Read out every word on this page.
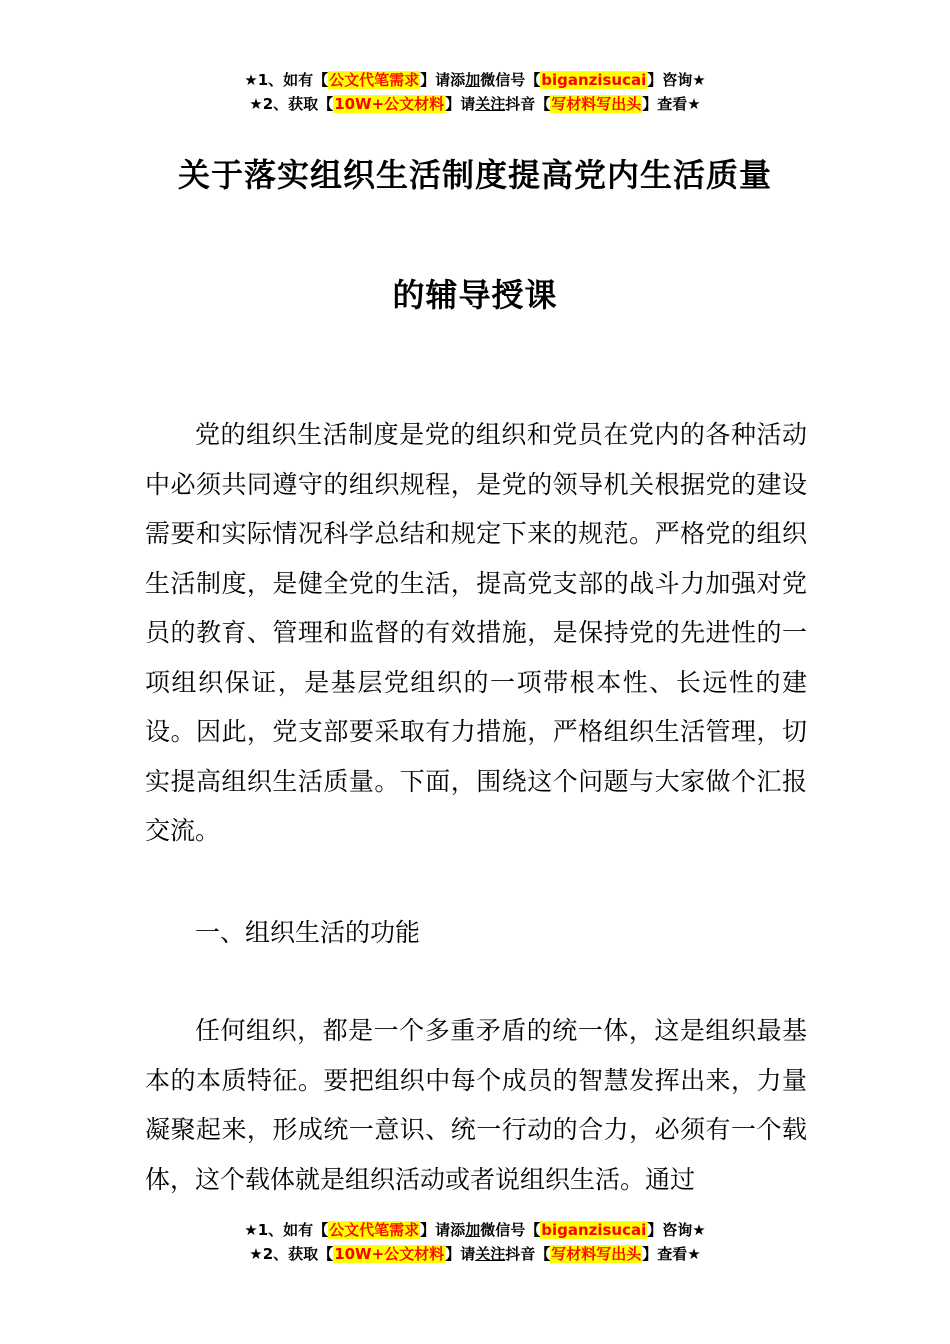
★1、如有【公文代笔需求】请添加微信号【biganzisucai】咨询★
★2、获取【10W+公文材料】请关注抖音【写材料写出头】查看★
关于落实组织生活制度提高党内生活质量
的辅导授课

党的组织生活制度是党的组织和党员在党内的各种活动中必须共同遵守的组织规程，是党的领导机关根据党的建设需要和实际情况科学总结和规定下来的规范。严格党的组织生活制度，是健全党的生活，提高党支部的战斗力加强对党员的教育、管理和监督的有效措施，是保持党的先进性的一项组织保证，是基层党组织的一项带根本性、长远性的建设。因此，党支部要采取有力措施，严格组织生活管理，切实提高组织生活质量。下面，围绕这个问题与大家做个汇报交流。

一、组织生活的功能

任何组织，都是一个多重矛盾的统一体，这是组织最基本的本质特征。要把组织中每个成员的智慧发挥出来，力量凝聚起来，形成统一意识、统一行动的合力，必须有一个载体，这个载体就是组织活动或者说组织生活。通过

★1、如有【公文代笔需求】请添加微信号【biganzisucai】咨询★
★2、获取【10W+公文材料】请关注抖音【写材料写出头】查看★
